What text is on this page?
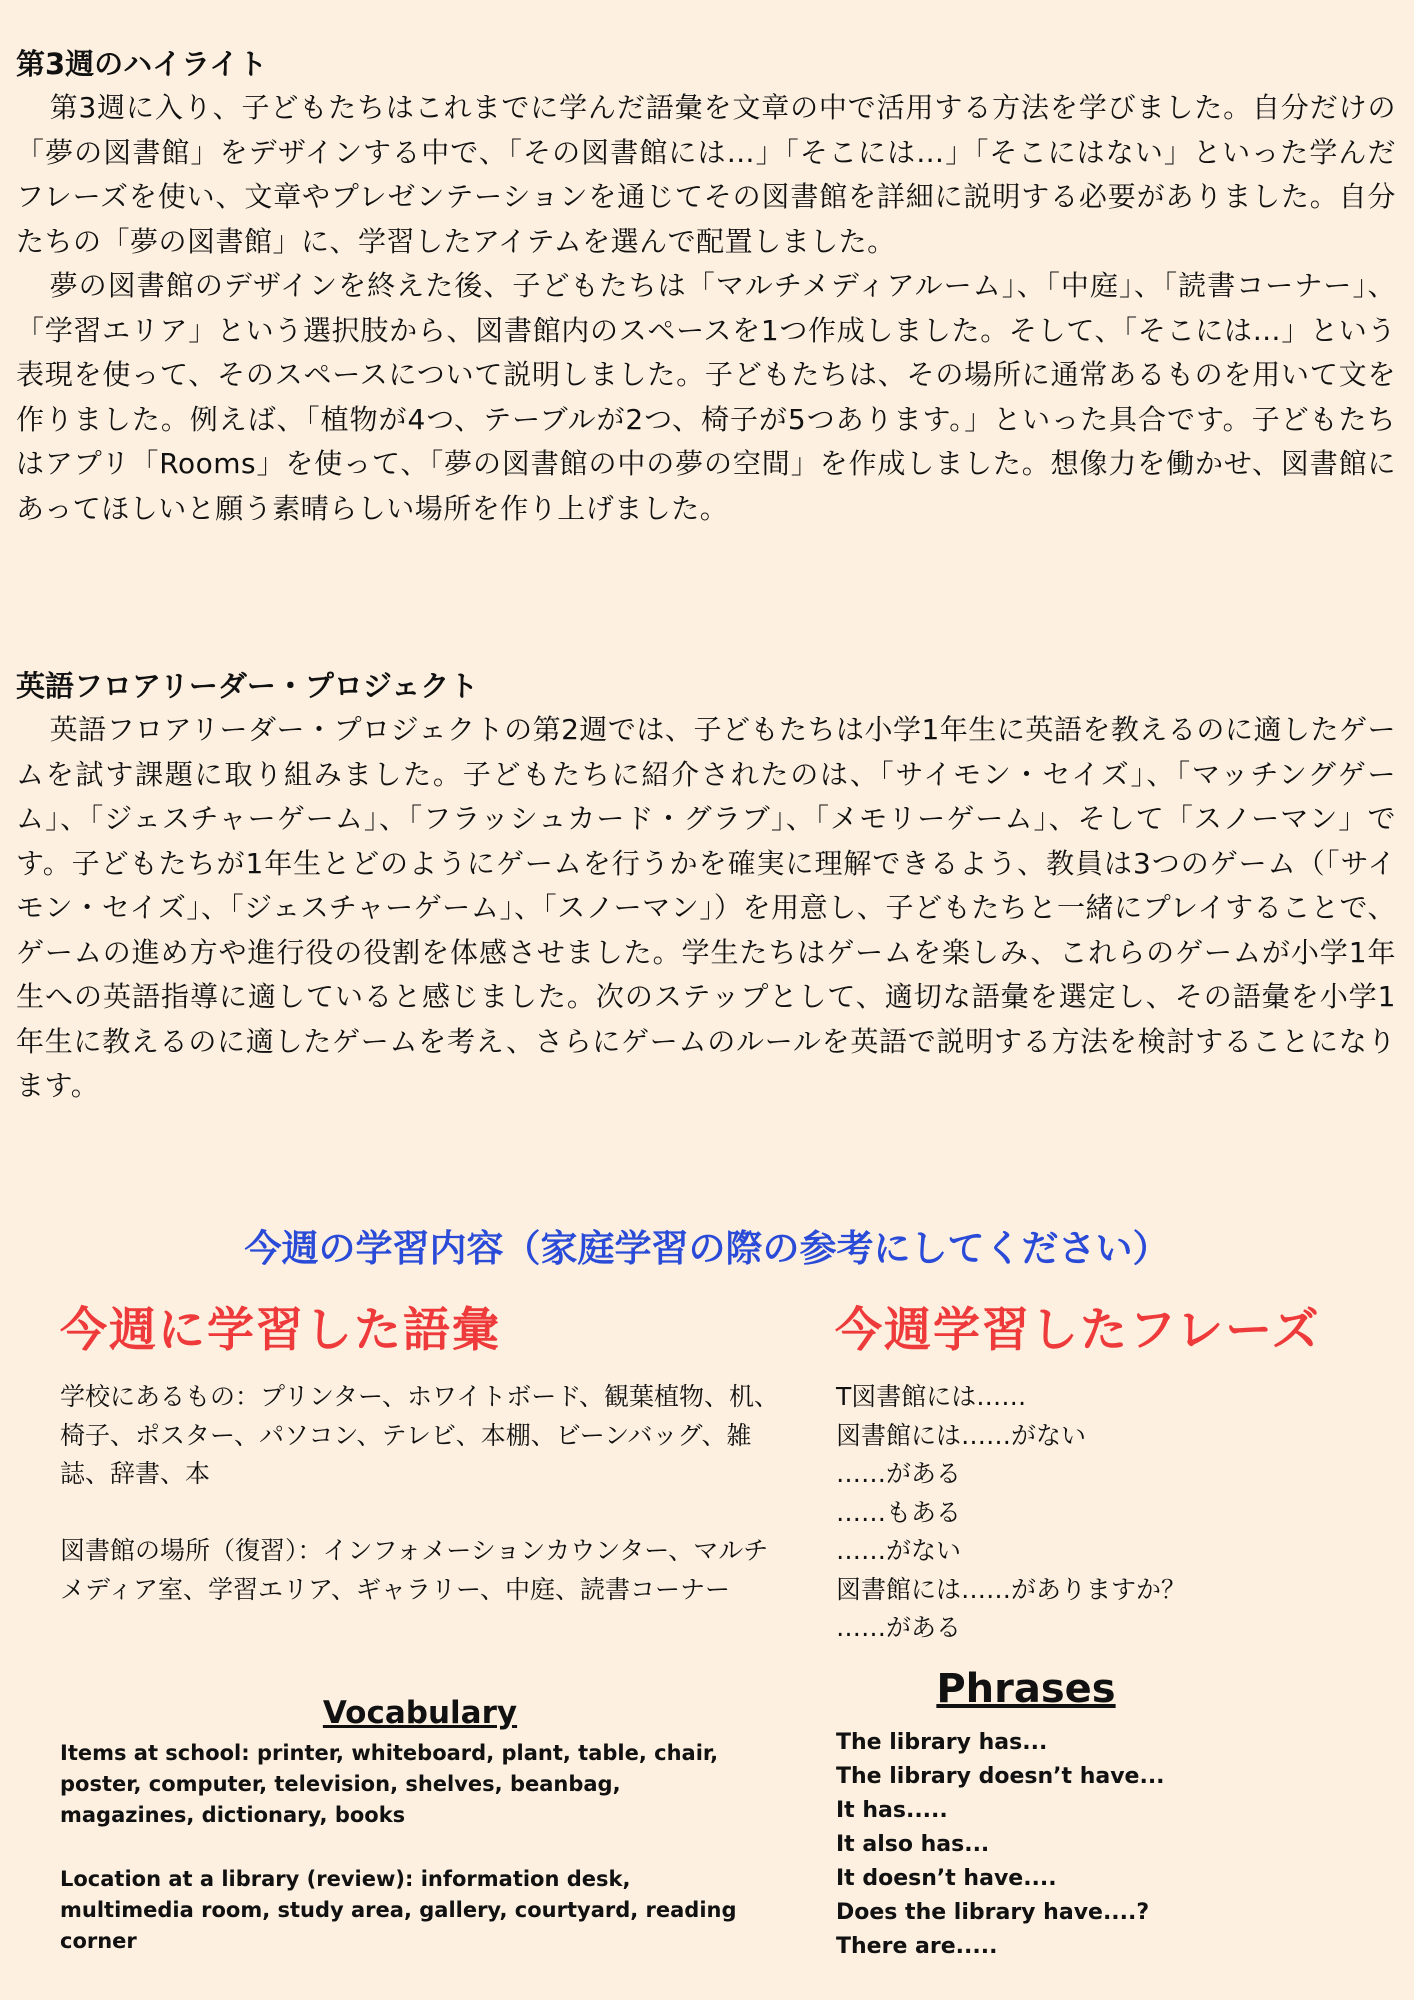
第3週のハイライト

第3週に入り、子どもたちはこれまでに学んだ語彙を文章の中で活用する方法を学びました。自分だけの「夢の図書館」をデザインする中で、「その図書館には…」「そこには…」「そこにはない」といった学んだフレーズを使い、文章やプレゼンテーションを通じてその図書館を詳細に説明する必要がありました。自分たちの「夢の図書館」に、学習したアイテムを選んで配置しました。

夢の図書館のデザインを終えた後、子どもたちは「マルチメディアルーム」、「中庭」、「読書コーナー」、「学習エリア」という選択肢から、図書館内のスペースを1つ作成しました。そして、「そこには…」という表現を使って、そのスペースについて説明しました。子どもたちは、その場所に通常あるものを用いて文を作りました。例えば、「植物が4つ、テーブルが2つ、椅子が5つあります。」といった具合です。子どもたちはアプリ「Rooms」を使って、「夢の図書館の中の夢の空間」を作成しました。想像力を働かせ、図書館にあってほしいと願う素晴らしい場所を作り上げました。

英語フロアリーダー・プロジェクト

英語フロアリーダー・プロジェクトの第2週では、子どもたちは小学1年生に英語を教えるのに適したゲームを試す課題に取り組みました。子どもたちに紹介されたのは、「サイモン・セイズ」、「マッチングゲーム」、「ジェスチャーゲーム」、「フラッシュカード・グラブ」、「メモリーゲーム」、そして「スノーマン」です。子どもたちが1年生とどのようにゲームを行うかを確実に理解できるよう、教員は3つのゲーム（「サイモン・セイズ」、「ジェスチャーゲーム」、「スノーマン」）を用意し、子どもたちと一緒にプレイすることで、ゲームの進め方や進行役の役割を体感させました。学生たちはゲームを楽しみ、これらのゲームが小学1年生への英語指導に適していると感じました。次のステップとして、適切な語彙を選定し、その語彙を小学1年生に教えるのに適したゲームを考え、さらにゲームのルールを英語で説明する方法を検討することになります。

今週の学習内容（家庭学習の際の参考にしてください）
今週に学習した語彙	今週学習したフレーズ

学校にあるもの：プリンター、ホワイトボード、観葉植物、机、椅子、ポスター、パソコン、テレビ、本棚、ビーンバッグ、雑誌、辞書、本

図書館の場所（復習）：インフォメーションカウンター、マルチメディア室、学習エリア、ギャラリー、中庭、読書コーナー

T図書館には……
図書館には……がない
……がある
……もある
……がない
図書館には……がありますか？
……がある
Vocabulary
Phrases

Items at school: printer, whiteboard, plant, table, chair, poster, computer, television, shelves, beanbag, magazines, dictionary, books

Location at a library (review): information desk, multimedia room, study area, gallery, courtyard, reading corner

The library has...
The library doesn’t have...
It has.....
It also has...
It doesn’t have....
Does the library have....?
There are.....
